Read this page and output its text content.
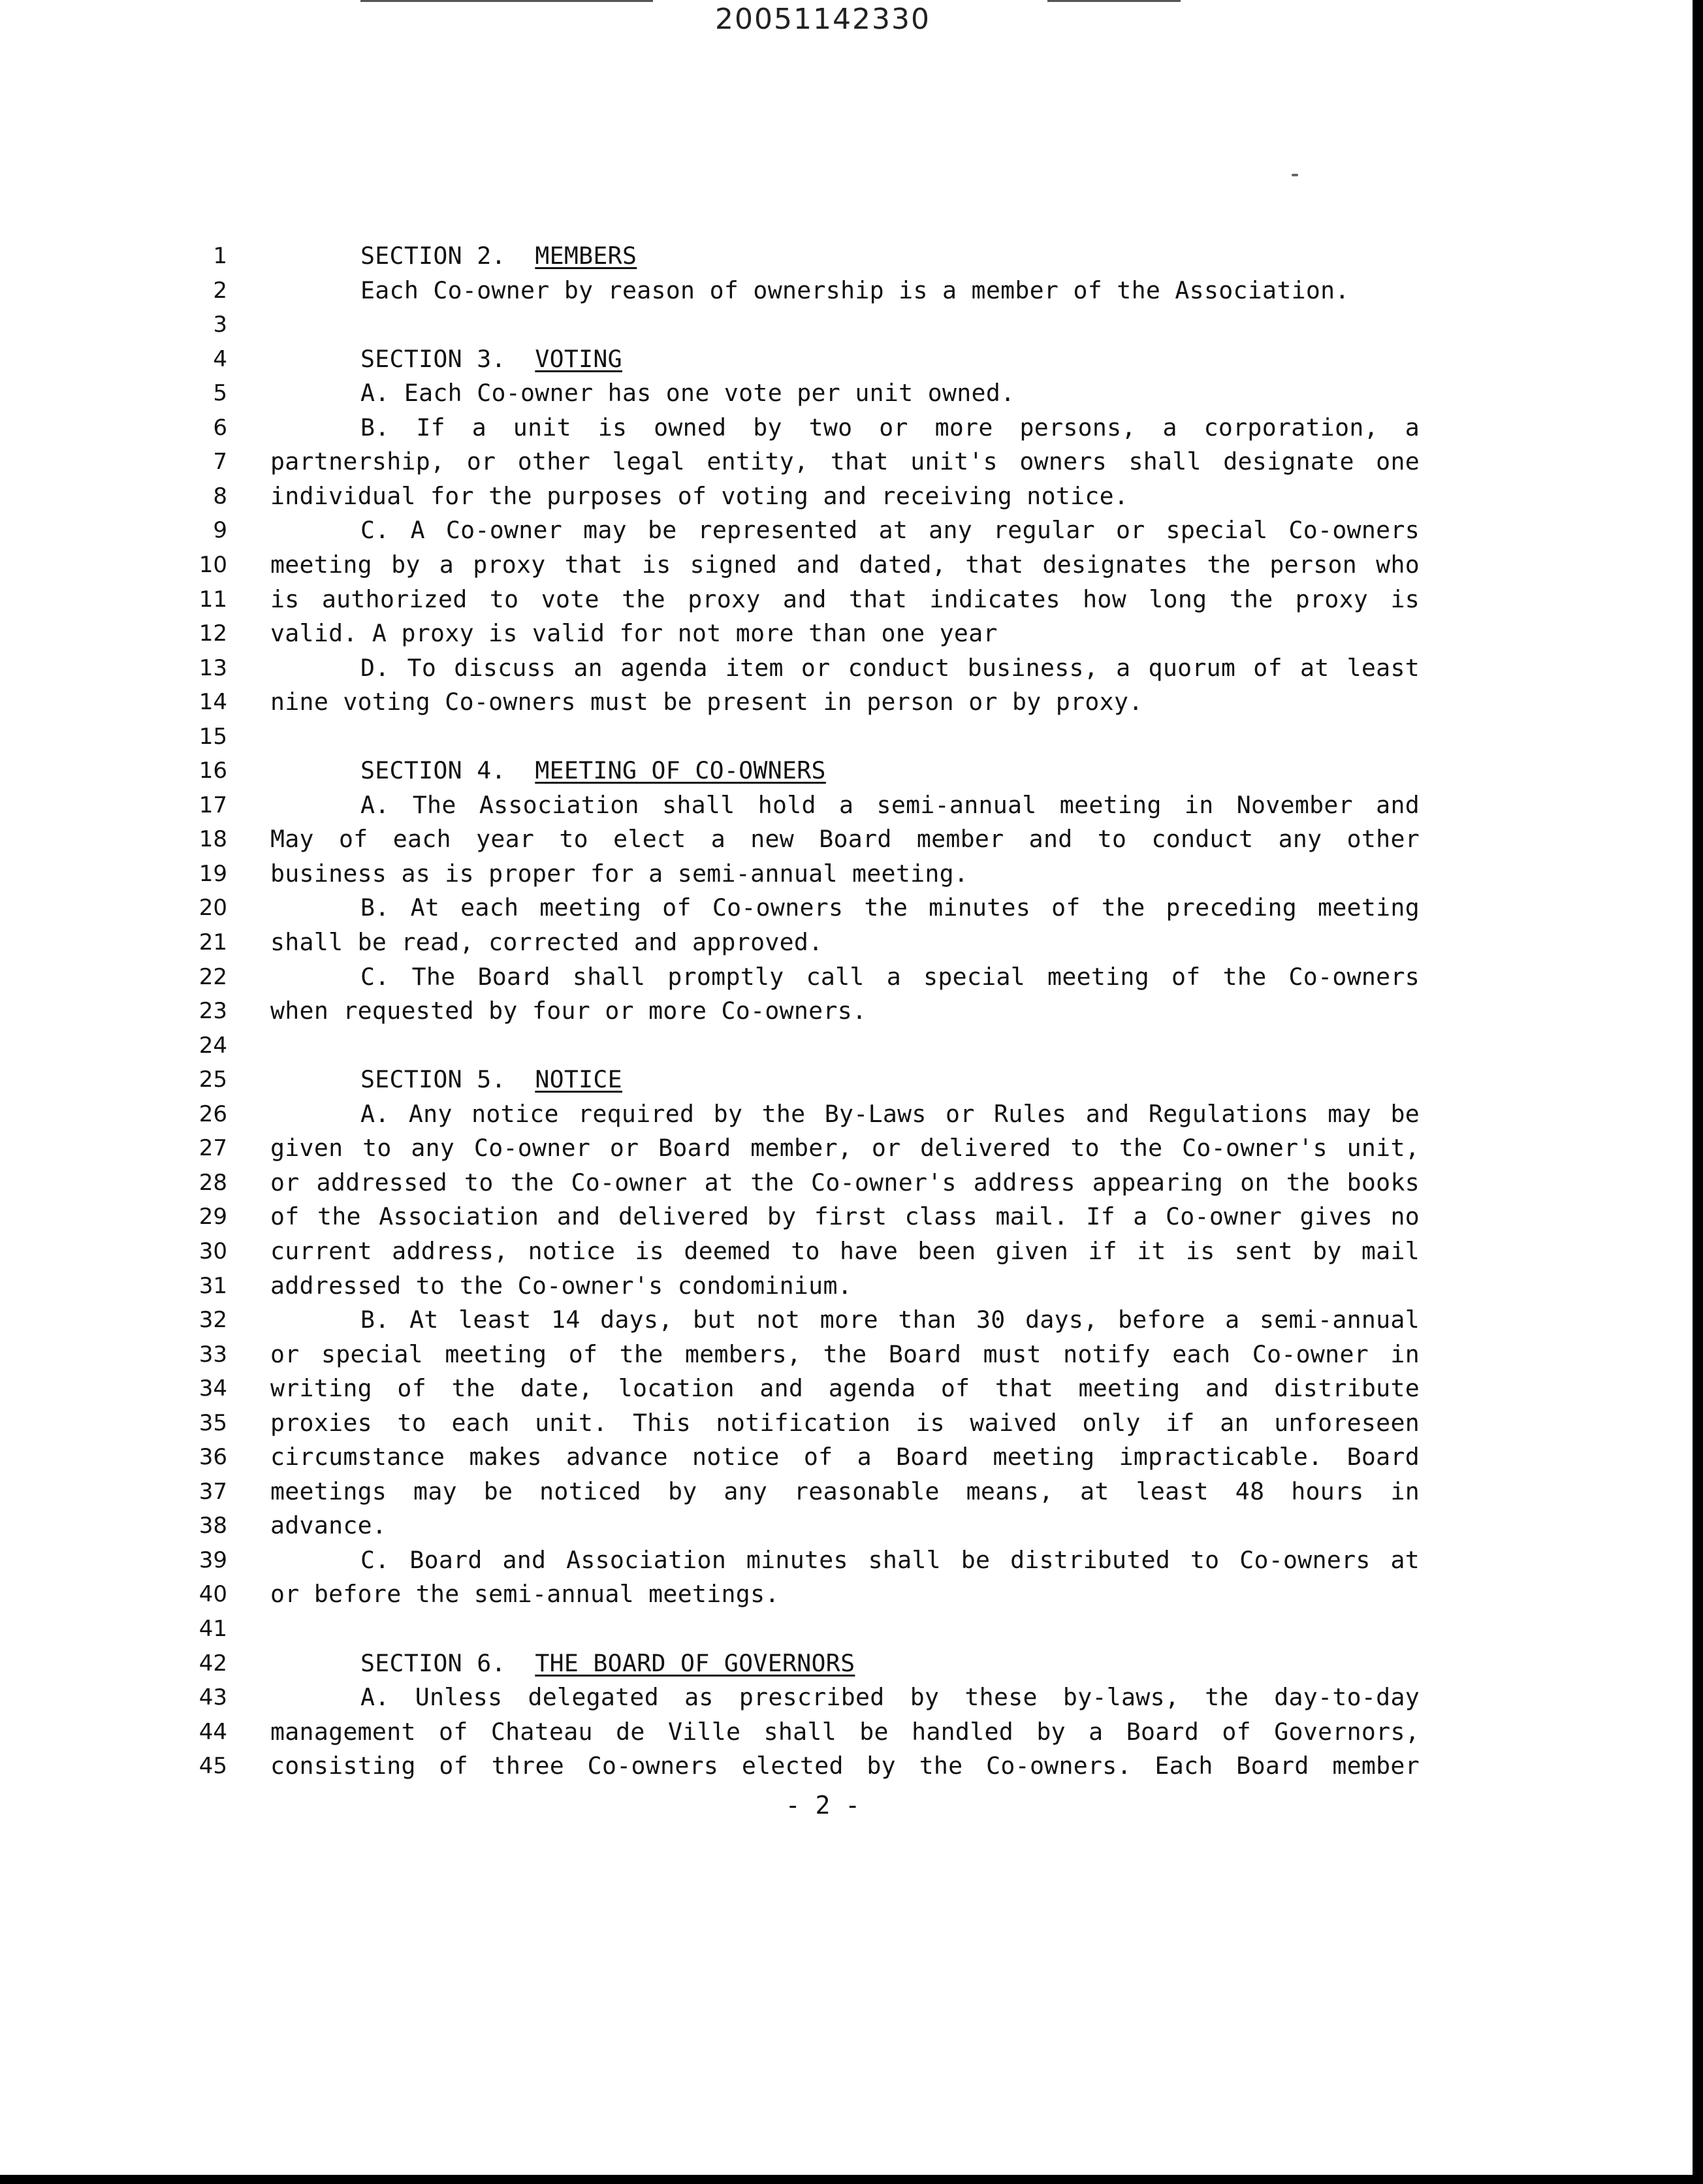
20051142330
1	SECTION 2. MEMBERS
2	Each Co-owner by reason of ownership is a member of the Association.
3
4	SECTION 3. VOTING
5	A. Each Co-owner has one vote per unit owned.
6	B. If a unit is owned by two or more persons, a corporation, a
7 partnership, or other legal entity, that unit's owners shall designate one
8 individual for the purposes of voting and receiving notice.
9	C. A Co-owner may be represented at any regular or special Co-owners
10 meeting by a proxy that is signed and dated, that designates the person who
11 is authorized to vote the proxy and that indicates how long the proxy is
12 valid. A proxy is valid for not more than one year
13	D. To discuss an agenda item or conduct business, a quorum of at least
14 nine voting Co-owners must be present in person or by proxy.
15
16	SECTION 4. MEETING OF CO-OWNERS
17	A. The Association shall hold a semi-annual meeting in November and
18 May of each year to elect a new Board member and to conduct any other
19 business as is proper for a semi-annual meeting.
20	B. At each meeting of Co-owners the minutes of the preceding meeting
21 shall be read, corrected and approved.
22	C. The Board shall promptly call a special meeting of the Co-owners
23 when requested by four or more Co-owners.
24
25	SECTION 5. NOTICE
26	A. Any notice required by the By-Laws or Rules and Regulations may be
27 given to any Co-owner or Board member, or delivered to the Co-owner's unit,
28 or addressed to the Co-owner at the Co-owner's address appearing on the books
29 of the Association and delivered by first class mail. If a Co-owner gives no
30 current address, notice is deemed to have been given if it is sent by mail
31 addressed to the Co-owner's condominium.
32	B. At least 14 days, but not more than 30 days, before a semi-annual
33 or special meeting of the members, the Board must notify each Co-owner in
34 writing of the date, location and agenda of that meeting and distribute
35 proxies to each unit. This notification is waived only if an unforeseen
36 circumstance makes advance notice of a Board meeting impracticable. Board
37 meetings may be noticed by any reasonable means, at least 48 hours in
38 advance.
39	C. Board and Association minutes shall be distributed to Co-owners at
40 or before the semi-annual meetings.
41
42	SECTION 6. THE BOARD OF GOVERNORS
43	A. Unless delegated as prescribed by these by-laws, the day-to-day
44 management of Chateau de Ville shall be handled by a Board of Governors,
45 consisting of three Co-owners elected by the Co-owners. Each Board member
- 2 -
